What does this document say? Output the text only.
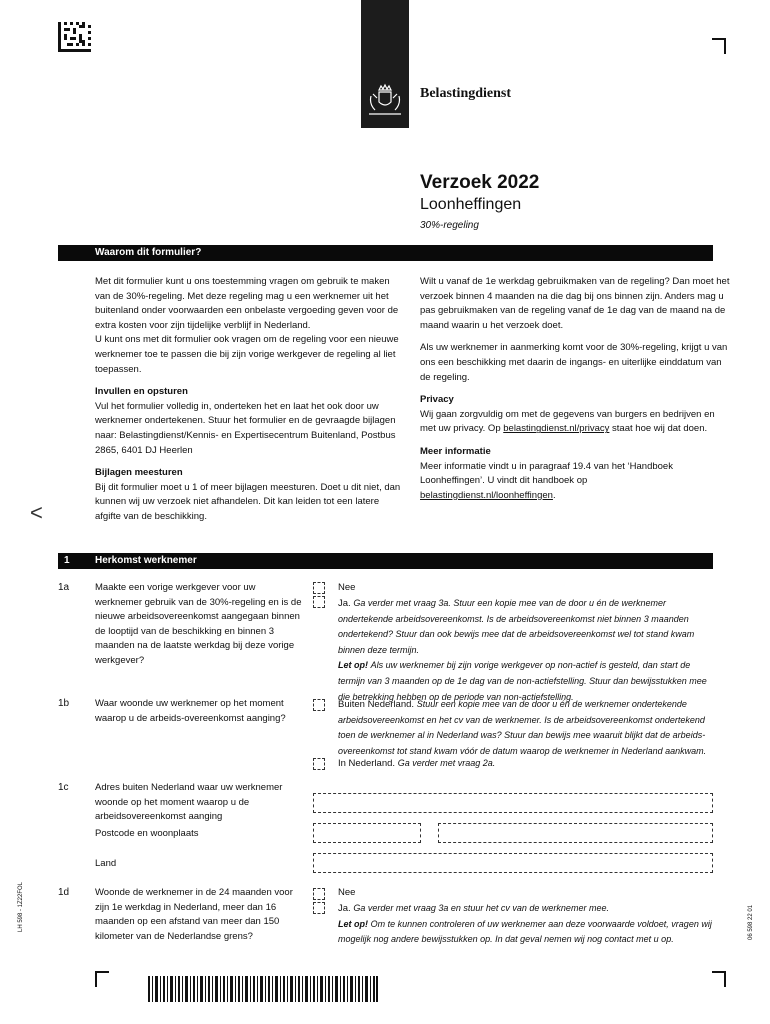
Belastingdienst
<
Verzoek 2022
Loonheffingen
30%-regeling
Waarom dit formulier?

Met dit formulier kunt u ons toestemming vragen om gebruik te maken van de 30%-regeling. Met deze regeling mag u een werknemer uit het buitenland onder voorwaarden een onbelaste vergoeding geven voor de extra kosten voor zijn tijdelijke verblijf in Nederland.

U kunt ons met dit formulier ook vragen om de regeling voor een nieuwe werknemer toe te passen die bij zijn vorige werkgever de regeling al liet toepassen.

Invullen en opsturen

Vul het formulier volledig in, onderteken het en laat het ook door uw werknemer ondertekenen. Stuur het formulier en de gevraagde bijlagen naar: Belastingdienst/Kennis- en Expertisecentrum Buitenland, Postbus 2865, 6401 DJ Heerlen

Bijlagen meesturen

Bij dit formulier moet u 1 of meer bijlagen meesturen. Doet u dit niet, dan kunnen wij uw verzoek niet afhandelen. Dit kan leiden tot een latere afgifte van de beschikking.

Wilt u vanaf de 1e werkdag gebruikmaken van de regeling? Dan moet het verzoek binnen 4 maanden na die dag bij ons binnen zijn. Anders mag u pas gebruikmaken van de regeling vanaf de 1e dag van de maand na de maand waarin u het verzoek doet.

Als uw werknemer in aanmerking komt voor de 30%-regeling, krijgt u van ons een beschikking met daarin de ingangs- en uiterlijke einddatum van de regeling.

Privacy

Wij gaan zorgvuldig om met de gegevens van burgers en bedrijven en met uw privacy. Op belastingdienst.nl/privacy staat hoe wij dat doen.

Meer informatie

Meer informatie vindt u in paragraaf 19.4 van het ‘Handboek Loonheffingen’. U vindt dit handboek op

belastingdienst.nl/loonheffingen.

1	Herkomst werknemer
1a	Maakte een vorige werkgever voor uw werknemer gebruik van de 30%-regeling en is de nieuwe arbeidsovereenkomst aangegaan binnen de looptijd van de beschikking en binnen 3 maanden na de laatste werkdag bij deze vorige werkgever?
Nee
Ja. Ga verder met vraag 3a. Stuur een kopie mee van de door u én de werknemer ondertekende arbeidsovereenkomst. Is de arbeidsovereenkomst niet binnen 3 maanden ondertekend? Stuur dan ook bewijs mee dat de arbeidsovereenkomst wel tot stand kwam binnen deze termijn.
Let op! Als uw werknemer bij zijn vorige werkgever op non-actief is gesteld, dan start de termijn van 3 maanden op de 1e dag van de non-actiefstelling. Stuur dan bewijsstukken mee die betrekking hebben op de periode van non-actiefstelling.
1b	Waar woonde uw werknemer op het moment waarop u de arbeids-overeenkomst aanging?
Buiten Nederland. Stuur een kopie mee van de door u én de werknemer ondertekende arbeidsovereenkomst en het cv van de werknemer. Is de arbeidsovereenkomst ondertekend toen de werknemer al in Nederland was? Stuur dan bewijs mee waaruit blijkt dat de arbeids-overeenkomst tot stand kwam vóór de datum waarop de werknemer in Nederland aankwam.
In Nederland. Ga verder met vraag 2a.
1c	Adres buiten Nederland waar uw werknemer woonde op het moment waarop u de arbeidsovereenkomst aanging
Postcode en woonplaats
Land
1d	Woonde de werknemer in de 24 maanden voor zijn 1e werkdag in Nederland, meer dan 16 maanden op een afstand van meer dan 150 kilometer van de Nederlandse grens?
Nee
Ja. Ga verder met vraag 3a en stuur het cv van de werknemer mee.
Let op! Om te kunnen controleren of uw werknemer aan deze voorwaarde voldoet, vragen wij mogelijk nog andere bewijsstukken op. In dat geval nemen wij nog contact met u op.
LH 598 - 1Z22FOL	06 598 22 01
